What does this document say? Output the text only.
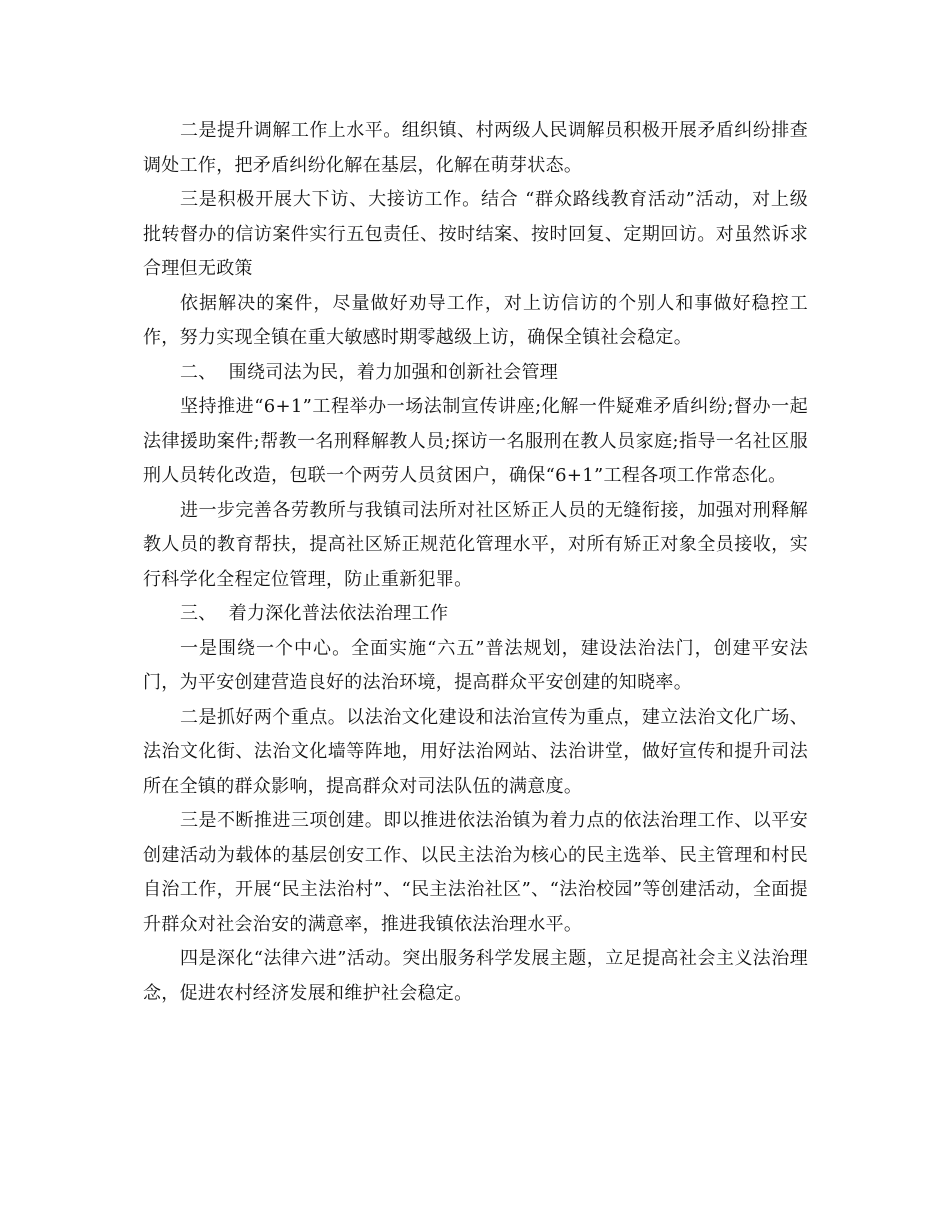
二是提升调解工作上水平。组织镇、村两级人民调解员积极开展矛盾纠纷排查调处工作，把矛盾纠纷化解在基层，化解在萌芽状态。

三是积极开展大下访、大接访工作。结合 “群众路线教育活动”活动，对上级批转督办的信访案件实行五包责任、按时结案、按时回复、定期回访。对虽然诉求合理但无政策

依据解决的案件，尽量做好劝导工作，对上访信访的个别人和事做好稳控工作，努力实现全镇在重大敏感时期零越级上访，确保全镇社会稳定。

二、  围绕司法为民，着力加强和创新社会管理

坚持推进“6+1”工程举办一场法制宣传讲座;化解一件疑难矛盾纠纷;督办一起法律援助案件;帮教一名刑释解教人员;探访一名服刑在教人员家庭;指导一名社区服刑人员转化改造，包联一个两劳人员贫困户，确保“6+1”工程各项工作常态化。

进一步完善各劳教所与我镇司法所对社区矫正人员的无缝衔接，加强对刑释解教人员的教育帮扶，提高社区矫正规范化管理水平，对所有矫正对象全员接收，实行科学化全程定位管理，防止重新犯罪。

三、  着力深化普法依法治理工作

一是围绕一个中心。全面实施“六五”普法规划，建设法治法门，创建平安法门，为平安创建营造良好的法治环境，提高群众平安创建的知晓率。

二是抓好两个重点。以法治文化建设和法治宣传为重点，建立法治文化广场、法治文化街、法治文化墙等阵地，用好法治网站、法治讲堂，做好宣传和提升司法所在全镇的群众影响，提高群众对司法队伍的满意度。

三是不断推进三项创建。即以推进依法治镇为着力点的依法治理工作、以平安创建活动为载体的基层创安工作、以民主法治为核心的民主选举、民主管理和村民自治工作，开展“民主法治村”、“民主法治社区”、“法治校园”等创建活动，全面提升群众对社会治安的满意率，推进我镇依法治理水平。

四是深化“法律六进”活动。突出服务科学发展主题，立足提高社会主义法治理念，促进农村经济发展和维护社会稳定。
